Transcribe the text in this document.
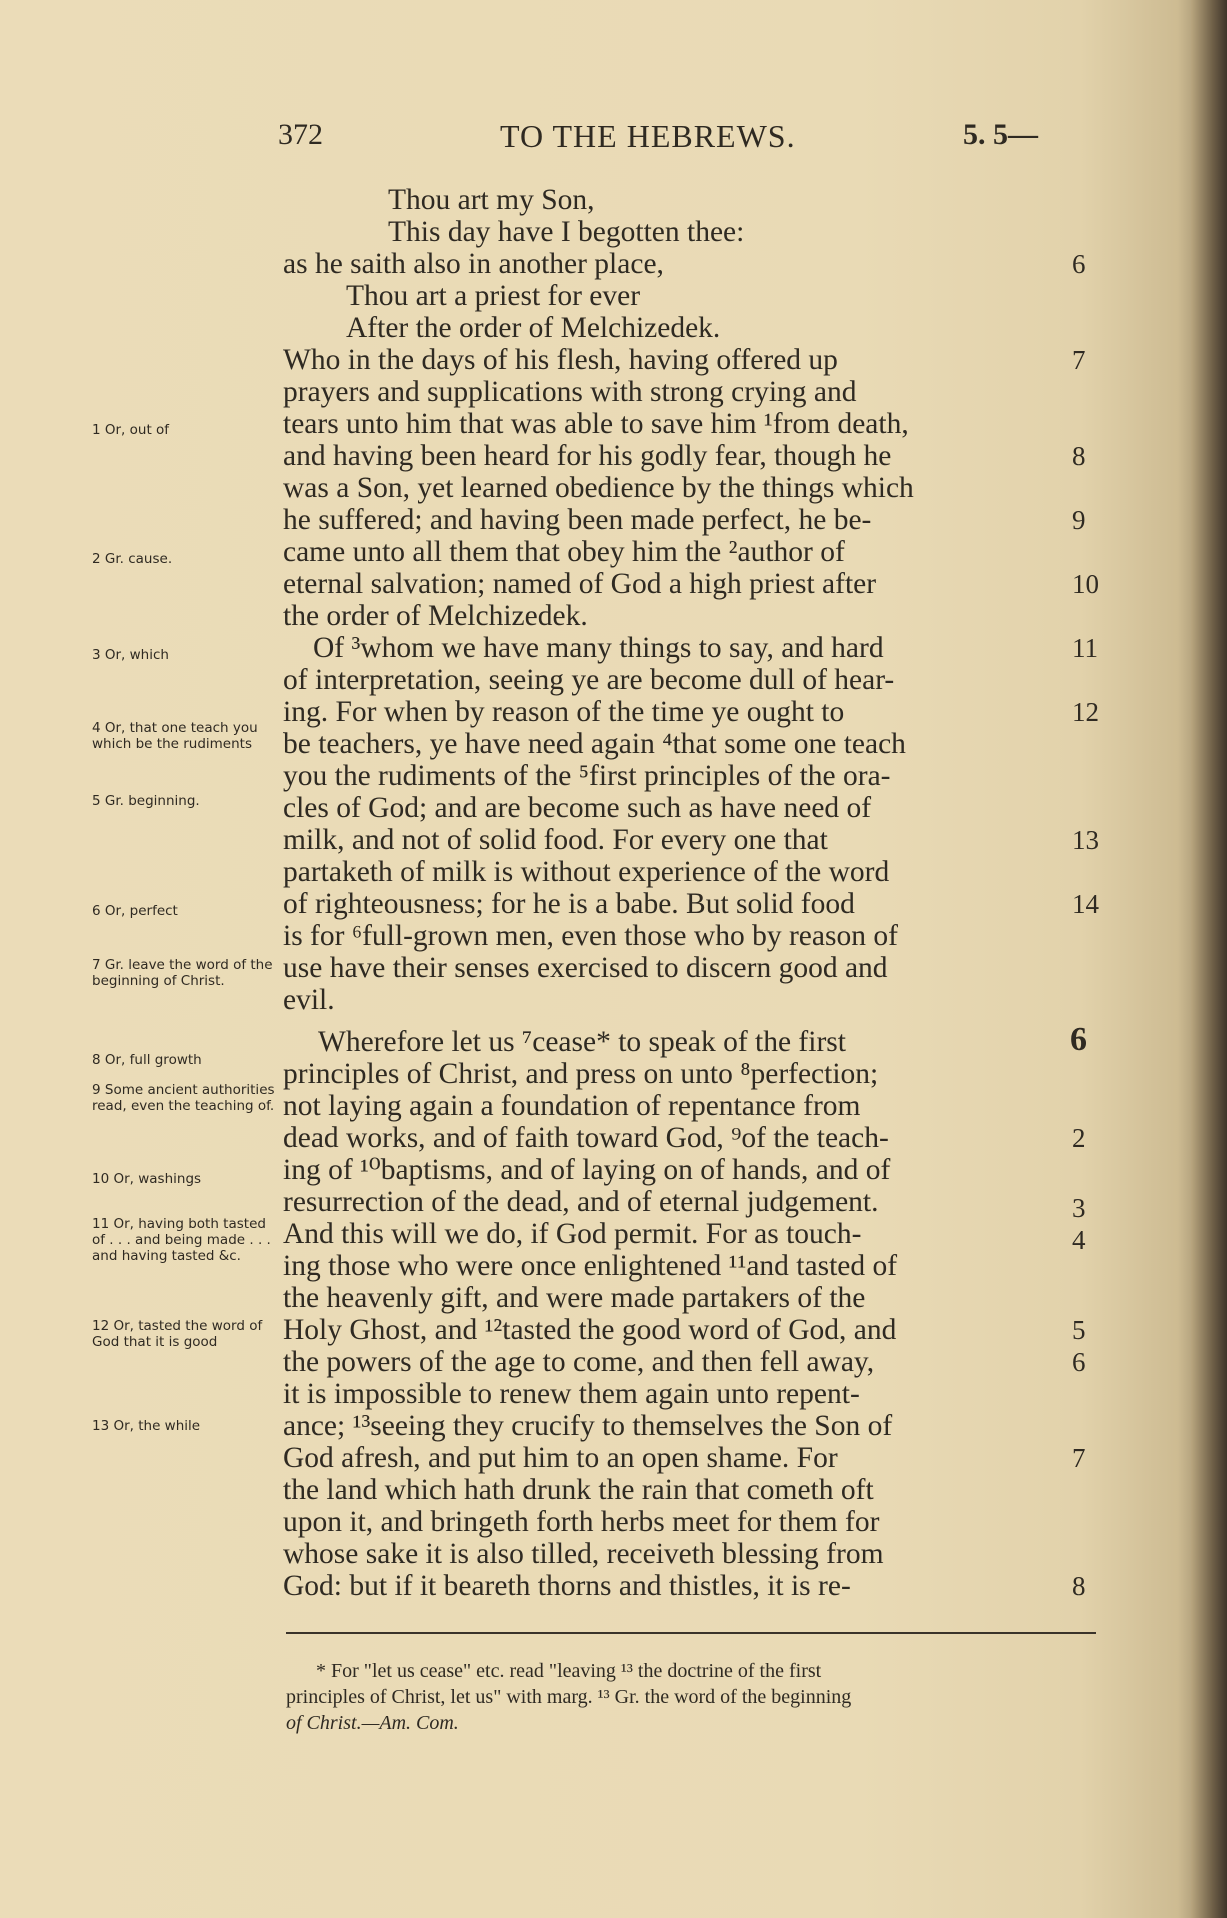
372	TO THE HEBREWS.	5. 5—
Thou art my Son,
This day have I begotten thee:
as he saith also in another place,	6
Thou art a priest for ever
After the order of Melchizedek.
Who in the days of his flesh, having offered up	7
prayers and supplications with strong crying and
tears unto him that was able to save him ¹from death,
and having been heard for his godly fear, though he	8
was a Son, yet learned obedience by the things which
he suffered; and having been made perfect, he be-	9
came unto all them that obey him the ²author of
eternal salvation; named of God a high priest after	10
the order of Melchizedek.
Of ³whom we have many things to say, and hard	11
of interpretation, seeing ye are become dull of hear-
ing. For when by reason of the time ye ought to	12
be teachers, ye have need again ⁴that some one teach
you the rudiments of the ⁵first principles of the ora-
cles of God; and are become such as have need of
milk, and not of solid food. For every one that	13
partaketh of milk is without experience of the word
of righteousness; for he is a babe. But solid food	14
is for ⁶full-grown men, even those who by reason of
use have their senses exercised to discern good and
evil.
Wherefore let us ⁷cease* to speak of the first	6
principles of Christ, and press on unto ⁸perfection;
not laying again a foundation of repentance from
dead works, and of faith toward God, ⁹of the teach-	2
ing of ¹⁰baptisms, and of laying on of hands, and of
resurrection of the dead, and of eternal judgement.	3
And this will we do, if God permit. For as touch-	4
ing those who were once enlightened ¹¹and tasted of
the heavenly gift, and were made partakers of the
Holy Ghost, and ¹²tasted the good word of God, and	5
the powers of the age to come, and then fell away,	6
it is impossible to renew them again unto repent-
ance; ¹³seeing they crucify to themselves the Son of
God afresh, and put him to an open shame. For	7
the land which hath drunk the rain that cometh oft
upon it, and bringeth forth herbs meet for them for
whose sake it is also tilled, receiveth blessing from
God: but if it beareth thorns and thistles, it is re-	8
1 Or, out of
2 Gr. cause.
3 Or, which
4 Or, that one teach you which be the rudiments
5 Gr. beginning.
6 Or, perfect
7 Gr. leave the word of the beginning of Christ.
8 Or, full growth
9 Some ancient authorities read, even the teaching of.
10 Or, washings
11 Or, having both tasted of . . . and being made . . . and having tasted &c.
12 Or, tasted the word of God that it is good
13 Or, the while
* For "let us cease" etc. read "leaving ¹³ the doctrine of the first
principles of Christ, let us" with marg. ¹³ Gr. the word of the beginning
of Christ.—Am. Com.
